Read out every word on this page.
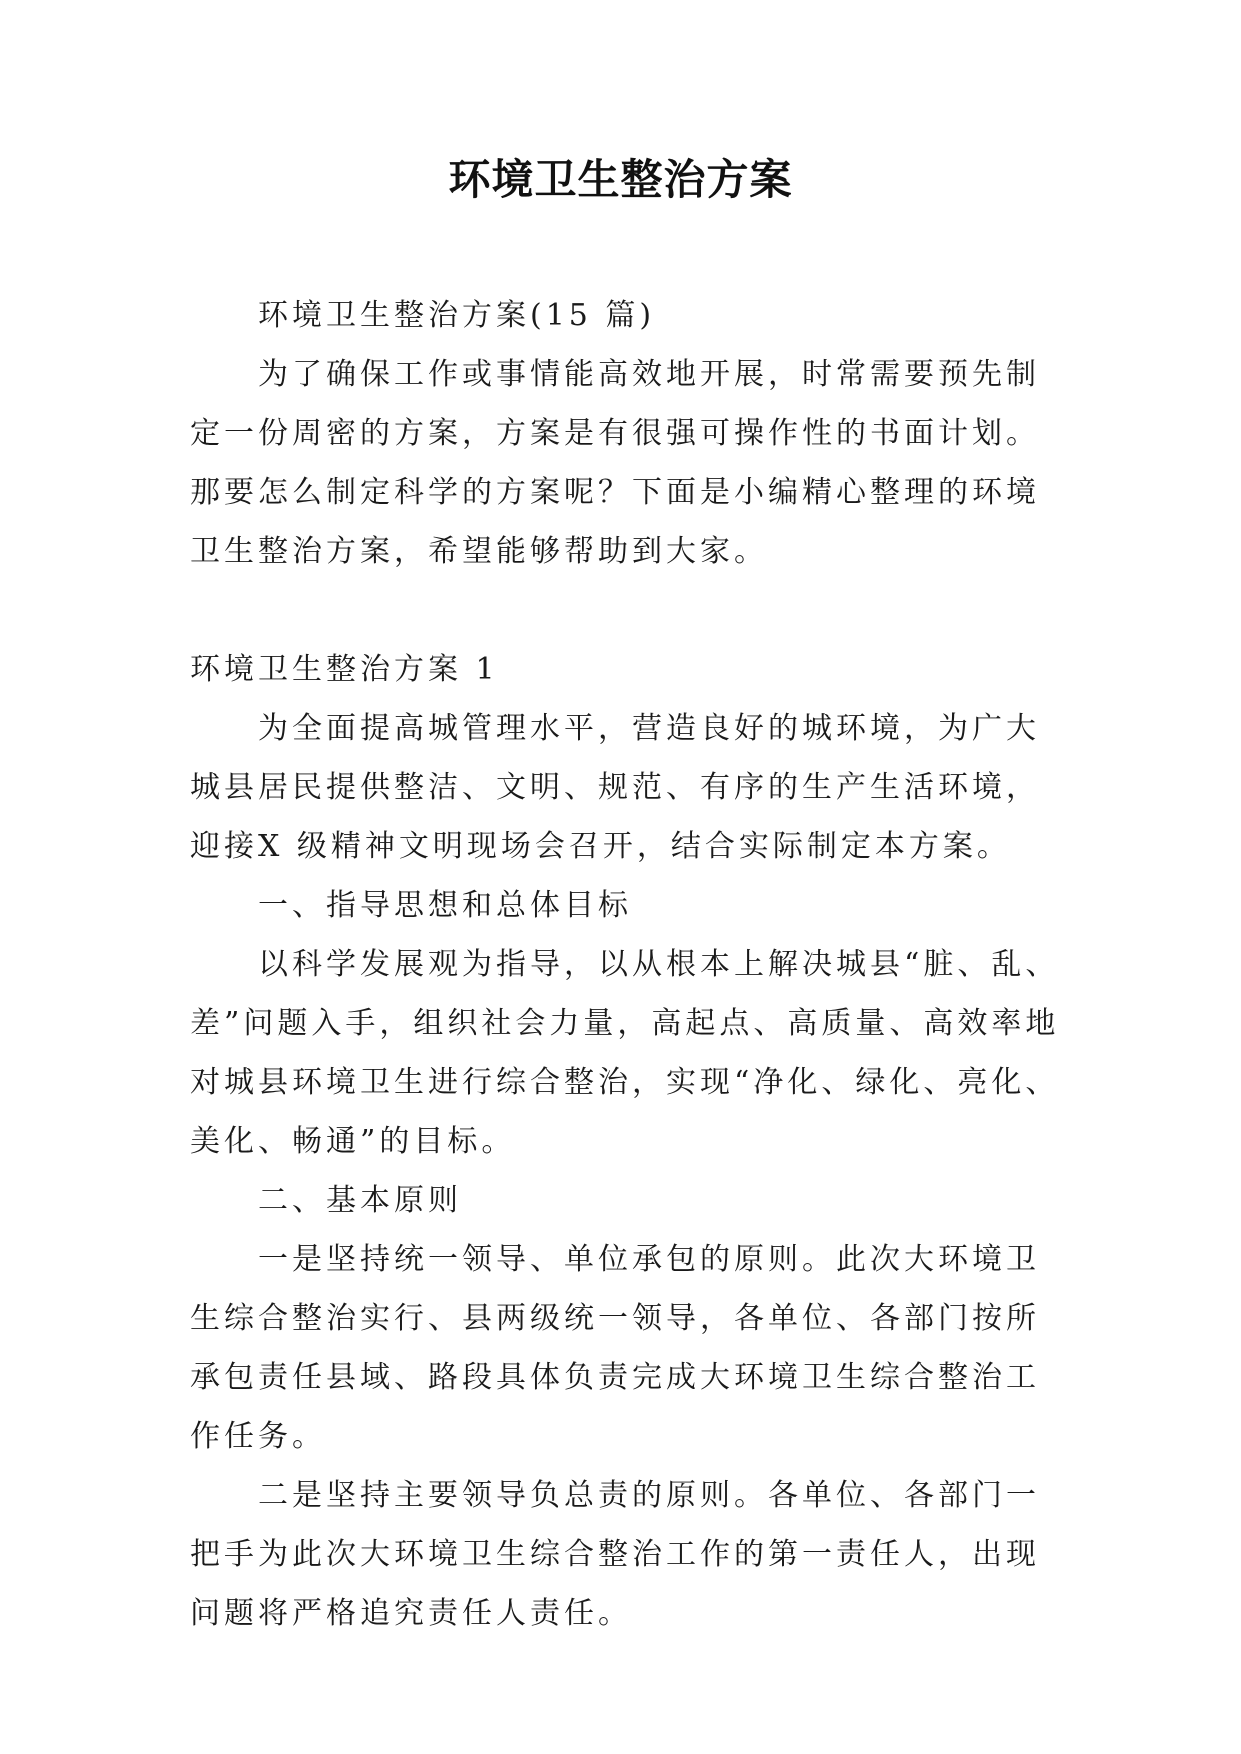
环境卫生整治方案

环境卫生整治方案(15 篇)

为了确保工作或事情能高效地开展，时常需要预先制定一份周密的方案，方案是有很强可操作性的书面计划。那要怎么制定科学的方案呢？下面是小编精心整理的环境卫生整治方案，希望能够帮助到大家。

环境卫生整治方案 1

为全面提高城管理水平，营造良好的城环境，为广大城县居民提供整洁、文明、规范、有序的生产生活环境，迎接X 级精神文明现场会召开，结合实际制定本方案。

一、指导思想和总体目标

以科学发展观为指导，以从根本上解决城县“脏、乱、差”问题入手，组织社会力量，高起点、高质量、高效率地对城县环境卫生进行综合整治，实现“净化、绿化、亮化、美化、畅通”的目标。

二、基本原则

一是坚持统一领导、单位承包的原则。此次大环境卫生综合整治实行、县两级统一领导，各单位、各部门按所承包责任县域、路段具体负责完成大环境卫生综合整治工作任务。

二是坚持主要领导负总责的原则。各单位、各部门一把手为此次大环境卫生综合整治工作的第一责任人，出现问题将严格追究责任人责任。
